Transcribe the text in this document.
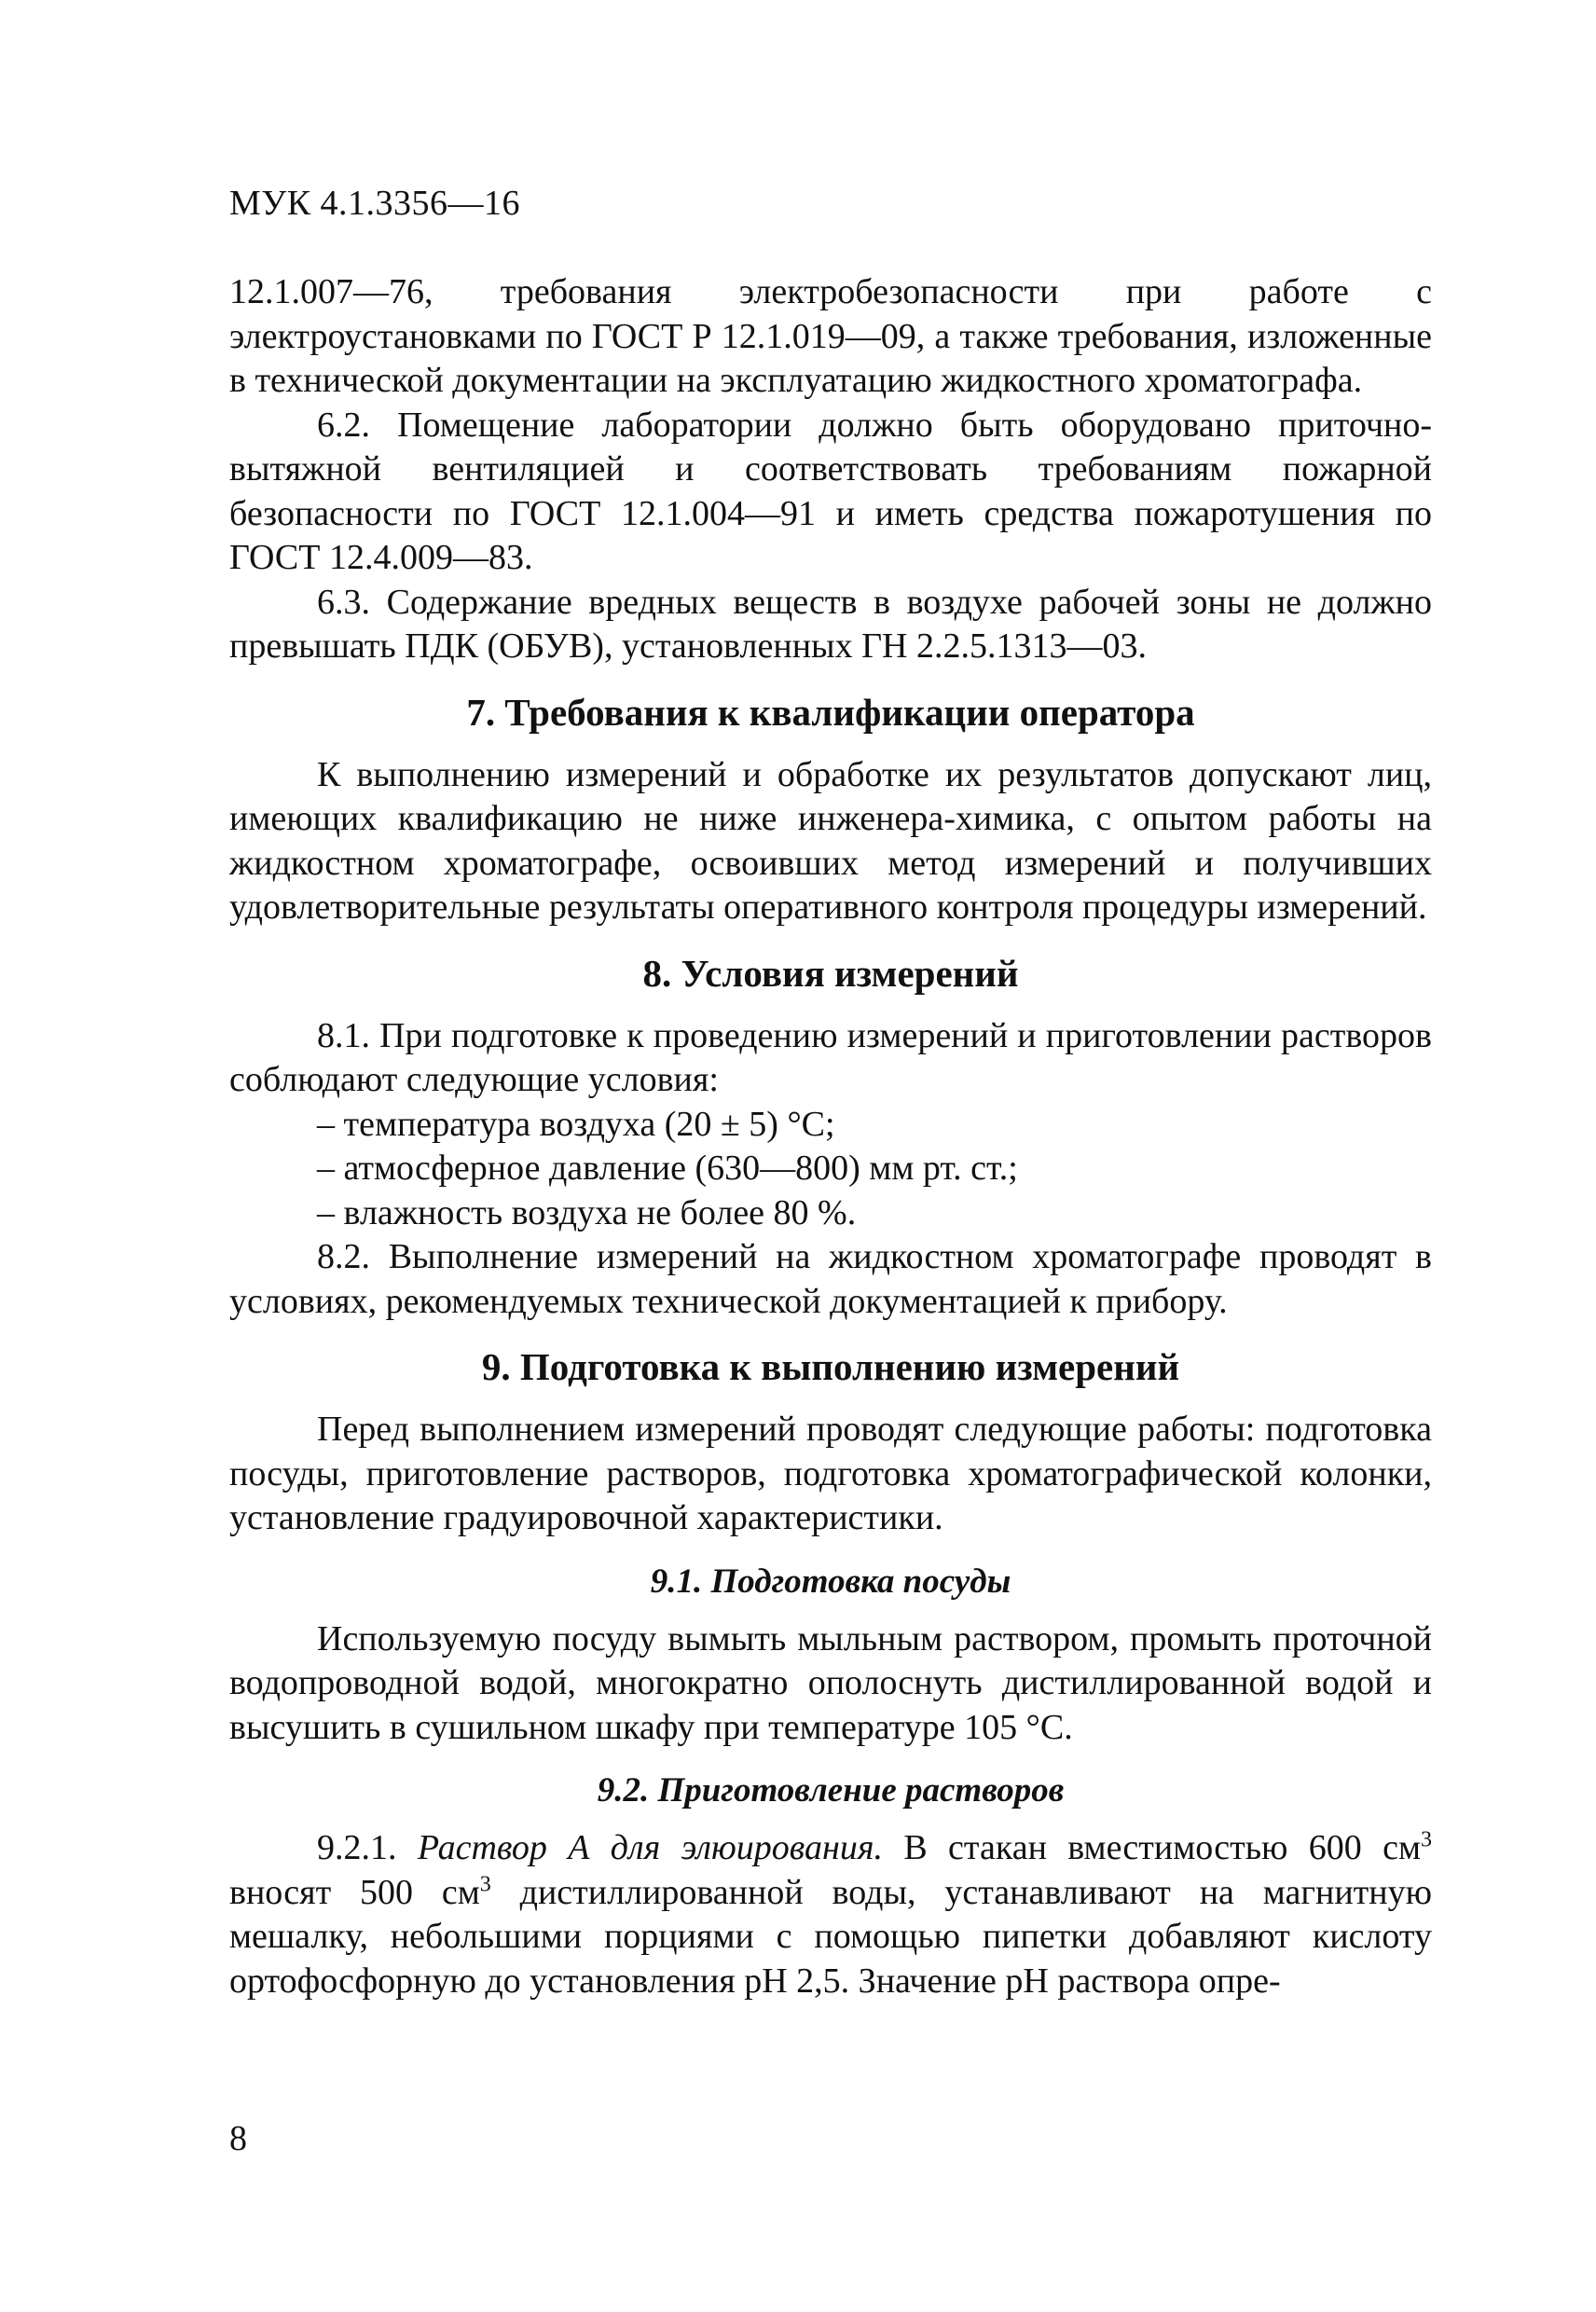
МУК 4.1.3356—16

12.1.007—76, требования электробезопасности при работе с электроустановками по ГОСТ Р 12.1.019—09, а также требования, изложенные в технической документации на эксплуатацию жидкостного хроматографа.

6.2. Помещение лаборатории должно быть оборудовано приточно-вытяжной вентиляцией и соответствовать требованиям пожарной безопасности по ГОСТ 12.1.004—91 и иметь средства пожаротушения по ГОСТ 12.4.009—83.

6.3. Содержание вредных веществ в воздухе рабочей зоны не должно превышать ПДК (ОБУВ), установленных ГН 2.2.5.1313—03.

7. Требования к квалификации оператора

К выполнению измерений и обработке их результатов допускают лиц, имеющих квалификацию не ниже инженера-химика, с опытом работы на жидкостном хроматографе, освоивших метод измерений и получивших удовлетворительные результаты оперативного контроля процедуры измерений.

8. Условия измерений

8.1. При подготовке к проведению измерений и приготовлении растворов соблюдают следующие условия:

– температура воздуха (20 ± 5) °С;

– атмосферное давление (630—800) мм рт. ст.;

– влажность воздуха не более 80 %.

8.2. Выполнение измерений на жидкостном хроматографе проводят в условиях, рекомендуемых технической документацией к прибору.

9. Подготовка к выполнению измерений

Перед выполнением измерений проводят следующие работы: подготовка посуды, приготовление растворов, подготовка хроматографической колонки, установление градуировочной характеристики.

9.1. Подготовка посуды

Используемую посуду вымыть мыльным раствором, промыть проточной водопроводной водой, многократно ополоснуть дистиллированной водой и высушить в сушильном шкафу при температуре 105 °С.

9.2. Приготовление растворов

9.2.1. Раствор А для элюирования. В стакан вместимостью 600 $см^3$ вносят 500 $см^3$ дистиллированной воды, устанавливают на магнитную мешалку, небольшими порциями с помощью пипетки добавляют кислоту ортофосфорную до установления pH 2,5. Значение pH раствора опре-

8
